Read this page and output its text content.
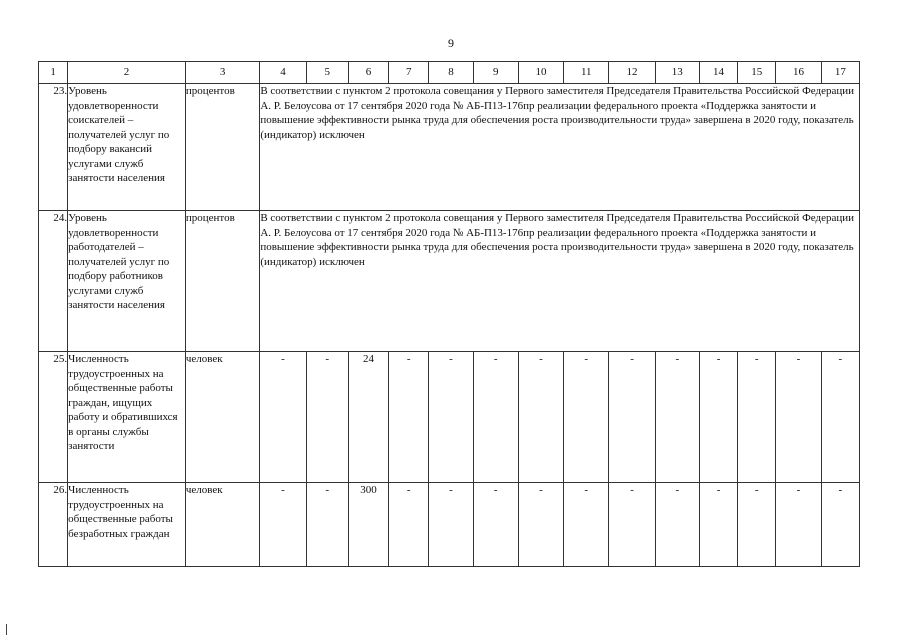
9
1	2	3	4	5	6	7	8	9	10	11	12	13	14	15	16	17
23.	Уровень удовлетворенности соискателей – получателей услуг по подбору вакансий услугами служб занятости населения	процентов	В соответствии с пунктом 2 протокола совещания у Первого заместителя Председателя Правительства Российской Федерации А. Р. Белоусова от 17 сентября 2020 года № АБ-П13-176пр реализации федерального проекта «Поддержка занятости и повышение эффективности рынка труда для обеспечения роста производительности труда» завершена в 2020 году, показатель (индикатор) исключен													
24.	Уровень удовлетворенности работодателей – получателей услуг по подбору работников услугами служб занятости населения	процентов	В соответствии с пунктом 2 протокола совещания у Первого заместителя Председателя Правительства Российской Федерации А. Р. Белоусова от 17 сентября 2020 года № АБ-П13-176пр реализации федерального проекта «Поддержка занятости и повышение эффективности рынка труда для обеспечения роста производительности труда» завершена в 2020 году, показатель (индикатор) исключен													
25.	Численность трудоустроенных на общественные работы граждан, ищущих работу и обратившихся в органы службы занятости	человек	-	-	24	-	-	-	-	-	-	-	-	-	-	-
26.	Численность трудоустроенных на общественные работы безработных граждан	человек	-	-	300	-	-	-	-	-	-	-	-	-	-	-
